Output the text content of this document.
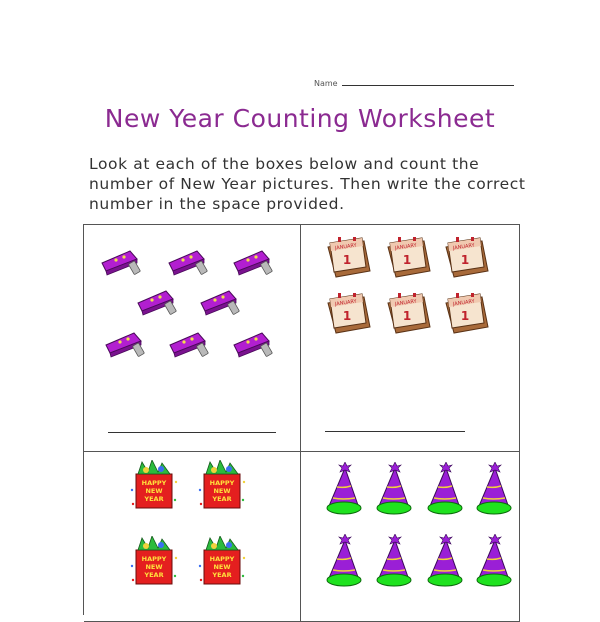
Name
New Year Counting Worksheet
Look at each of the boxes below and count the number of New Year pictures. Then write the correct number in the space provided.
